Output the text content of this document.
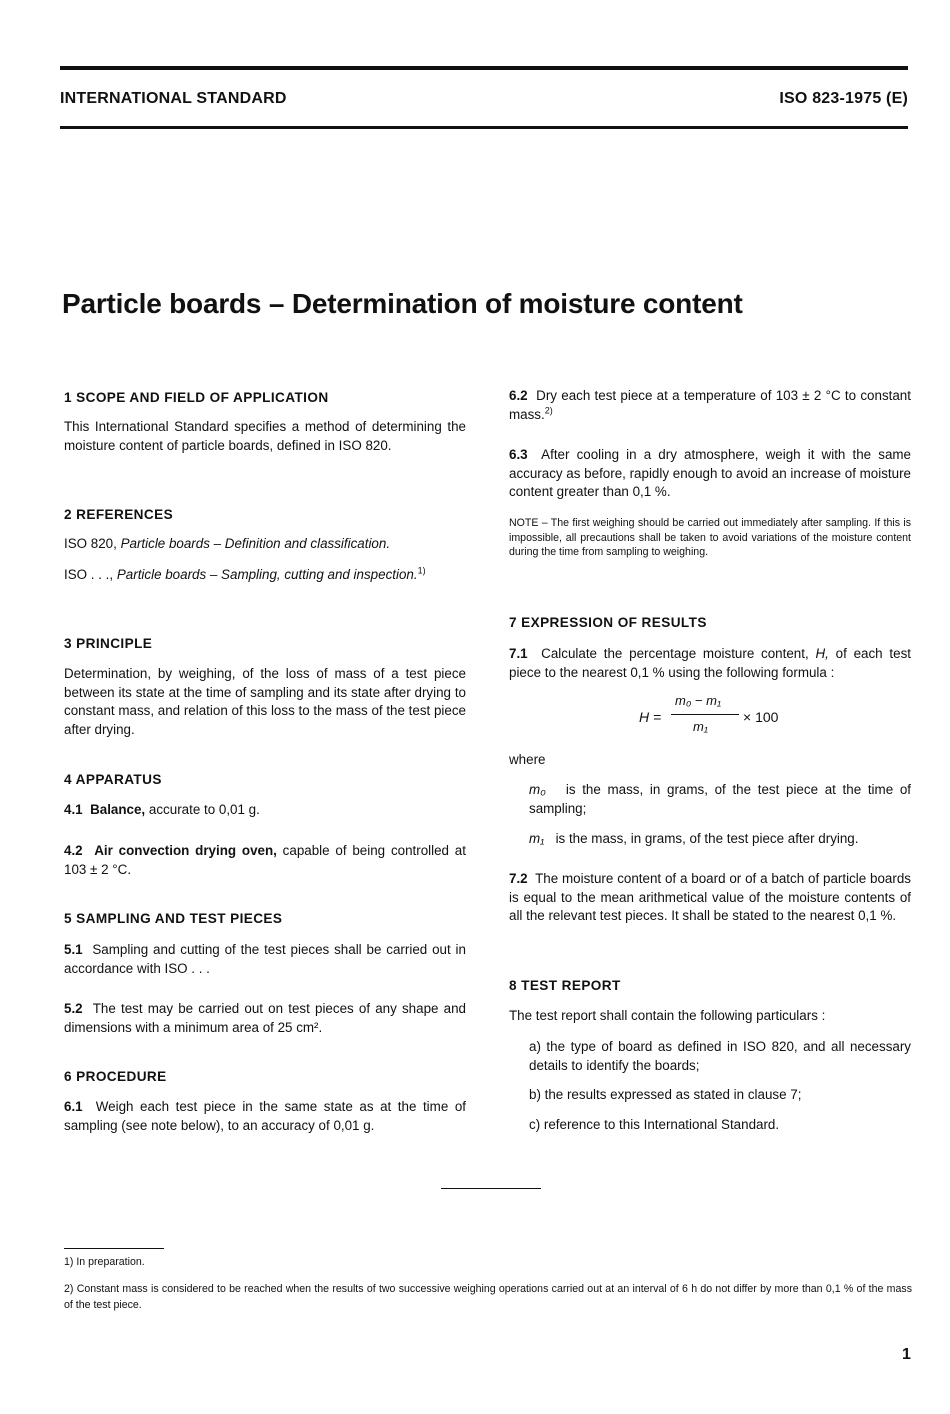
INTERNATIONAL STANDARD	ISO 823-1975 (E)
Particle boards – Determination of moisture content
1 SCOPE AND FIELD OF APPLICATION
This International Standard specifies a method of determining the moisture content of particle boards, defined in ISO 820.
2 REFERENCES
ISO 820, Particle boards – Definition and classification.
ISO . . ., Particle boards – Sampling, cutting and inspection.$^{1)}$
3 PRINCIPLE
Determination, by weighing, of the loss of mass of a test piece between its state at the time of sampling and its state after drying to constant mass, and relation of this loss to the mass of the test piece after drying.
4 APPARATUS
4.1 Balance, accurate to 0,01 g.
4.2 Air convection drying oven, capable of being controlled at 103 ± 2 °C.
5 SAMPLING AND TEST PIECES
5.1 Sampling and cutting of the test pieces shall be carried out in accordance with ISO . . .
5.2 The test may be carried out on test pieces of any shape and dimensions with a minimum area of 25 cm².
6 PROCEDURE
6.1 Weigh each test piece in the same state as at the time of sampling (see note below), to an accuracy of 0,01 g.
6.2 Dry each test piece at a temperature of 103 ± 2 °C to constant mass.$^{2)}$
6.3 After cooling in a dry atmosphere, weigh it with the same accuracy as before, rapidly enough to avoid an increase of moisture content greater than 0,1 %.
NOTE – The first weighing should be carried out immediately after sampling. If this is impossible, all precautions shall be taken to avoid variations of the moisture content during the time from sampling to weighing.
7 EXPRESSION OF RESULTS
7.1 Calculate the percentage moisture content, H, of each test piece to the nearest 0,1 % using the following formula :
H =
m₀ − m₁
m₁
× 100
where
m₀ is the mass, in grams, of the test piece at the time of sampling;
m₁ is the mass, in grams, of the test piece after drying.
7.2 The moisture content of a board or of a batch of particle boards is equal to the mean arithmetical value of the moisture contents of all the relevant test pieces. It shall be stated to the nearest 0,1 %.
8 TEST REPORT
The test report shall contain the following particulars :
a) the type of board as defined in ISO 820, and all necessary details to identify the boards;
b) the results expressed as stated in clause 7;
c) reference to this International Standard.
1) In preparation.
2) Constant mass is considered to be reached when the results of two successive weighing operations carried out at an interval of 6 h do not differ by more than 0,1 % of the mass of the test piece.
1
